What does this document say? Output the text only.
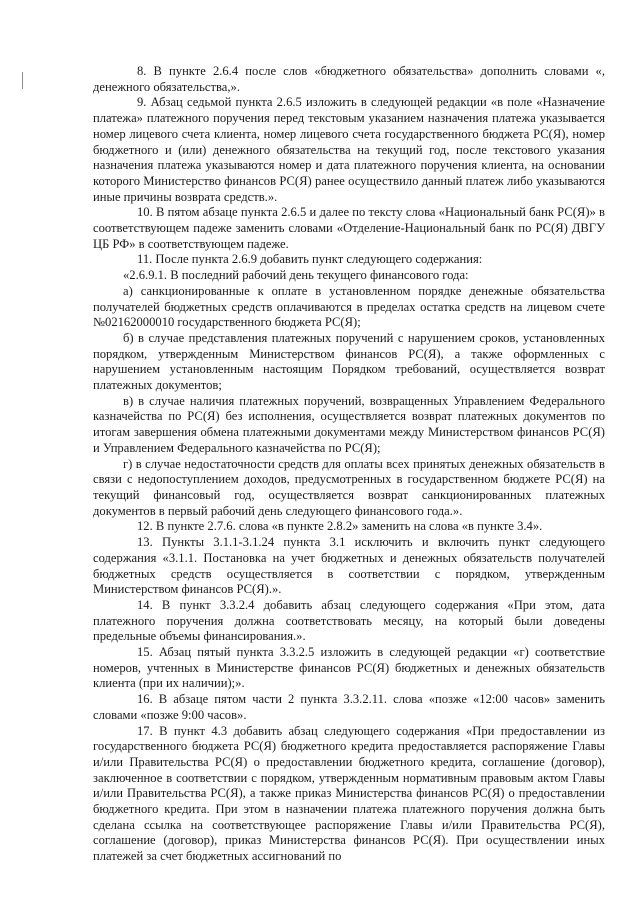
8. В пункте 2.6.4 после слов «бюджетного обязательства» дополнить словами «, денежного обязательства,».

9. Абзац седьмой пункта 2.6.5 изложить в следующей редакции «в поле «Назначение платежа» платежного поручения перед текстовым указанием назначения платежа указывается номер лицевого счета клиента, номер лицевого счета государственного бюджета РС(Я), номер бюджетного и (или) денежного обязательства на текущий год, после текстового указания назначения платежа указываются номер и дата платежного поручения клиента, на основании которого Министерство финансов РС(Я) ранее осуществило данный платеж либо указываются иные причины возврата средств.».

10. В пятом абзаце пункта 2.6.5 и далее по тексту слова «Национальный банк РС(Я)» в соответствующем падеже заменить словами «Отделение-Национальный банк по РС(Я) ДВГУ ЦБ РФ» в соответствующем падеже.

11. После пункта 2.6.9 добавить пункт следующего содержания:

«2.6.9.1. В последний рабочий день текущего финансового года:

а) санкционированные к оплате в установленном порядке денежные обязательства получателей бюджетных средств оплачиваются в пределах остатка средств на лицевом счете №02162000010 государственного бюджета РС(Я);

б) в случае представления платежных поручений с нарушением сроков, установленных порядком, утвержденным Министерством финансов РС(Я), а также оформленных с нарушением установленным настоящим Порядком требований, осуществляется возврат платежных документов;

в) в случае наличия платежных поручений, возвращенных Управлением Федерального казначейства по РС(Я) без исполнения, осуществляется возврат платежных документов по итогам завершения обмена платежными документами между Министерством финансов РС(Я) и Управлением Федерального казначейства по РС(Я);

г) в случае недостаточности средств для оплаты всех принятых денежных обязательств в связи с недопоступлением доходов, предусмотренных в государственном бюджете РС(Я) на текущий финансовый год, осуществляется возврат санкционированных платежных документов в первый рабочий день следующего финансового года.».

12. В пункте 2.7.6. слова «в пункте 2.8.2» заменить на слова «в пункте 3.4».

13. Пункты 3.1.1-3.1.24 пункта 3.1 исключить и включить пункт следующего содержания «3.1.1. Постановка на учет бюджетных и денежных обязательств получателей бюджетных средств осуществляется в соответствии с порядком, утвержденным Министерством финансов РС(Я).».

14. В пункт 3.3.2.4 добавить абзац следующего содержания «При этом, дата платежного поручения должна соответствовать месяцу, на который были доведены предельные объемы финансирования.».

15. Абзац пятый пункта 3.3.2.5 изложить в следующей редакции «г) соответствие номеров, учтенных в Министерстве финансов РС(Я) бюджетных и денежных обязательств клиента (при их наличии);».

16. В абзаце пятом части 2 пункта 3.3.2.11. слова «позже «12:00 часов» заменить словами «позже 9:00 часов».

17. В пункт 4.3 добавить абзац следующего содержания «При предоставлении из государственного бюджета РС(Я) бюджетного кредита предоставляется распоряжение Главы и/или Правительства РС(Я) о предоставлении бюджетного кредита, соглашение (договор), заключенное в соответствии с порядком, утвержденным нормативным правовым актом Главы и/или Правительства РС(Я), а также приказ Министерства финансов РС(Я) о предоставлении бюджетного кредита. При этом в назначении платежа платежного поручения должна быть сделана ссылка на соответствующее распоряжение Главы и/или Правительства РС(Я), соглашение (договор), приказ Министерства финансов РС(Я). При осуществлении иных платежей за счет бюджетных ассигнований по
